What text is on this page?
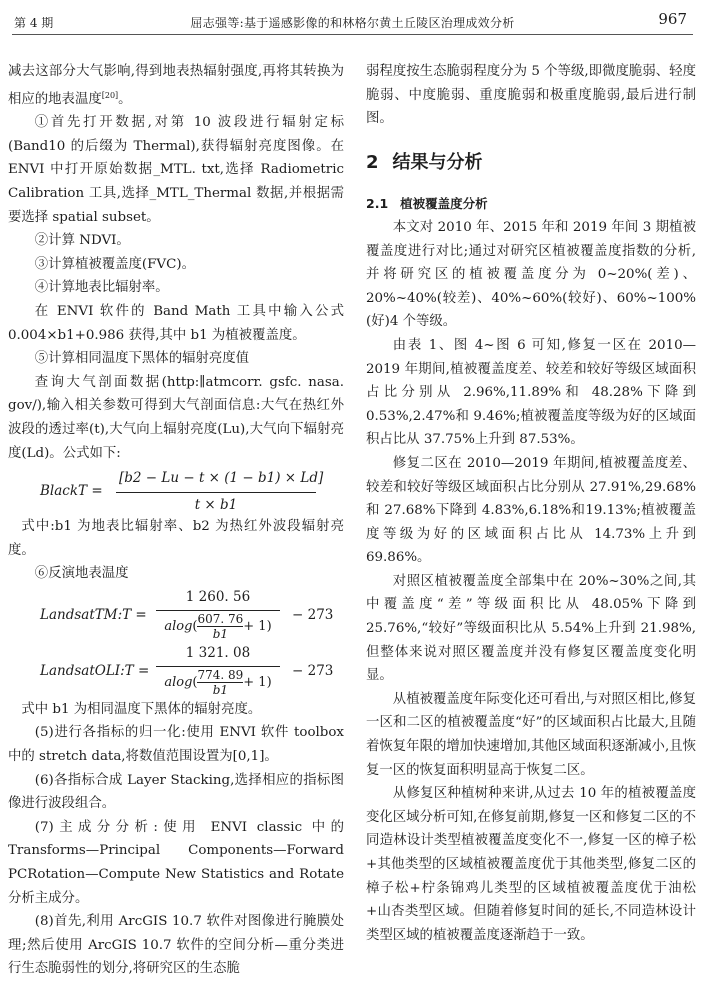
第 4 期	屈志强等:基于遥感影像的和林格尔黄土丘陵区治理成效分析	967

减去这部分大气影响,得到地表热辐射强度,再将其转换为相应的地表温度[20]。

①首先打开数据,对第 10 波段进行辐射定标(Band10 的后缀为 Thermal),获得辐射亮度图像。在 ENVI 中打开原始数据_MTL. txt,选择 Radiometric Calibration 工具,选择_MTL_Thermal 数据,并根据需要选择 spatial subset。

②计算 NDVI。

③计算植被覆盖度(FVC)。

④计算地表比辐射率。

在 ENVI 软件的 Band Math 工具中输入公式 0.004×b1+0.986 获得,其中 b1 为植被覆盖度。

⑤计算相同温度下黑体的辐射亮度值

查询大气剖面数据(http:∥atmcorr. gsfc. nasa. gov/),输入相关参数可得到大气剖面信息:大气在热红外波段的透过率(t),大气向上辐射亮度(Lu),大气向下辐射亮度(Ld)。公式如下:

BlackT = $\frac{[b2 - Lu - t \times (1 - b1) \times Ld]}{t \times b1}$

式中:b1 为地表比辐射率、b2 为热红外波段辐射亮度。

⑥反演地表温度

LandsatTM:T = $\frac{1 260. 56}{alog( \frac{607. 76}{b1} + 1)} - 273$
LandsatOLI:T = $\frac{1 321. 08}{alog( \frac{774. 89}{b1} + 1)} - 273$

式中 b1 为相同温度下黑体的辐射亮度。

(5)进行各指标的归一化:使用 ENVI 软件 toolbox 中的 stretch data,将数值范围设置为[0,1]。

(6)各指标合成 Layer Stacking,选择相应的指标图像进行波段组合。

(7)主成分分析:使用 ENVI classic 中的 Transforms—Principal Components—Forward PCRotation—Compute New Statistics and Rotate 分析主成分。

(8)首先,利用 ArcGIS 10.7 软件对图像进行腌膜处理;然后使用 ArcGIS 10.7 软件的空间分析—重分类进行生态脆弱性的划分,将研究区的生态脆

弱程度按生态脆弱程度分为 5 个等级,即微度脆弱、轻度脆弱、中度脆弱、重度脆弱和极重度脆弱,最后进行制图。

2 结果与分析

2.1 植被覆盖度分析

本文对 2010 年、2015 年和 2019 年间 3 期植被覆盖度进行对比;通过对研究区植被覆盖度指数的分析,并将研究区的植被覆盖度分为 0~20%(差)、20%~40%(较差)、40%~60%(较好)、60%~100%(好)4 个等级。

由表 1、图 4~图 6 可知,修复一区在 2010—2019 年期间,植被覆盖度差、较差和较好等级区域面积占比分别从 2.96%,11.89%和 48.28%下降到 0.53%,2.47%和 9.46%;植被覆盖度等级为好的区域面积占比从 37.75%上升到 87.53%。

修复二区在 2010—2019 年期间,植被覆盖度差、较差和较好等级区域面积占比分别从 27.91%,29.68%和 27.68%下降到 4.83%,6.18%和19.13%;植被覆盖度等级为好的区域面积占比从 14.73%上升到 69.86%。

对照区植被覆盖度全部集中在 20%~30%之间,其中覆盖度“差”等级面积比从 48.05%下降到 25.76%,“较好”等级面积比从 5.54%上升到 21.98%,但整体来说对照区覆盖度并没有修复区覆盖度变化明显。

从植被覆盖度年际变化还可看出,与对照区相比,修复一区和二区的植被覆盖度“好”的区域面积占比最大,且随着恢复年限的增加快速增加,其他区域面积逐渐减小,且恢复一区的恢复面积明显高于恢复二区。

从修复区种植树种来讲,从过去 10 年的植被覆盖度变化区域分析可知,在修复前期,修复一区和修复二区的不同造林设计类型植被覆盖度变化不一,修复一区的樟子松+其他类型的区域植被覆盖度优于其他类型,修复二区的樟子松+柠条锦鸡儿类型的区域植被覆盖度优于油松+山杏类型区域。但随着修复时间的延长,不同造林设计类型区域的植被覆盖度逐渐趋于一致。
